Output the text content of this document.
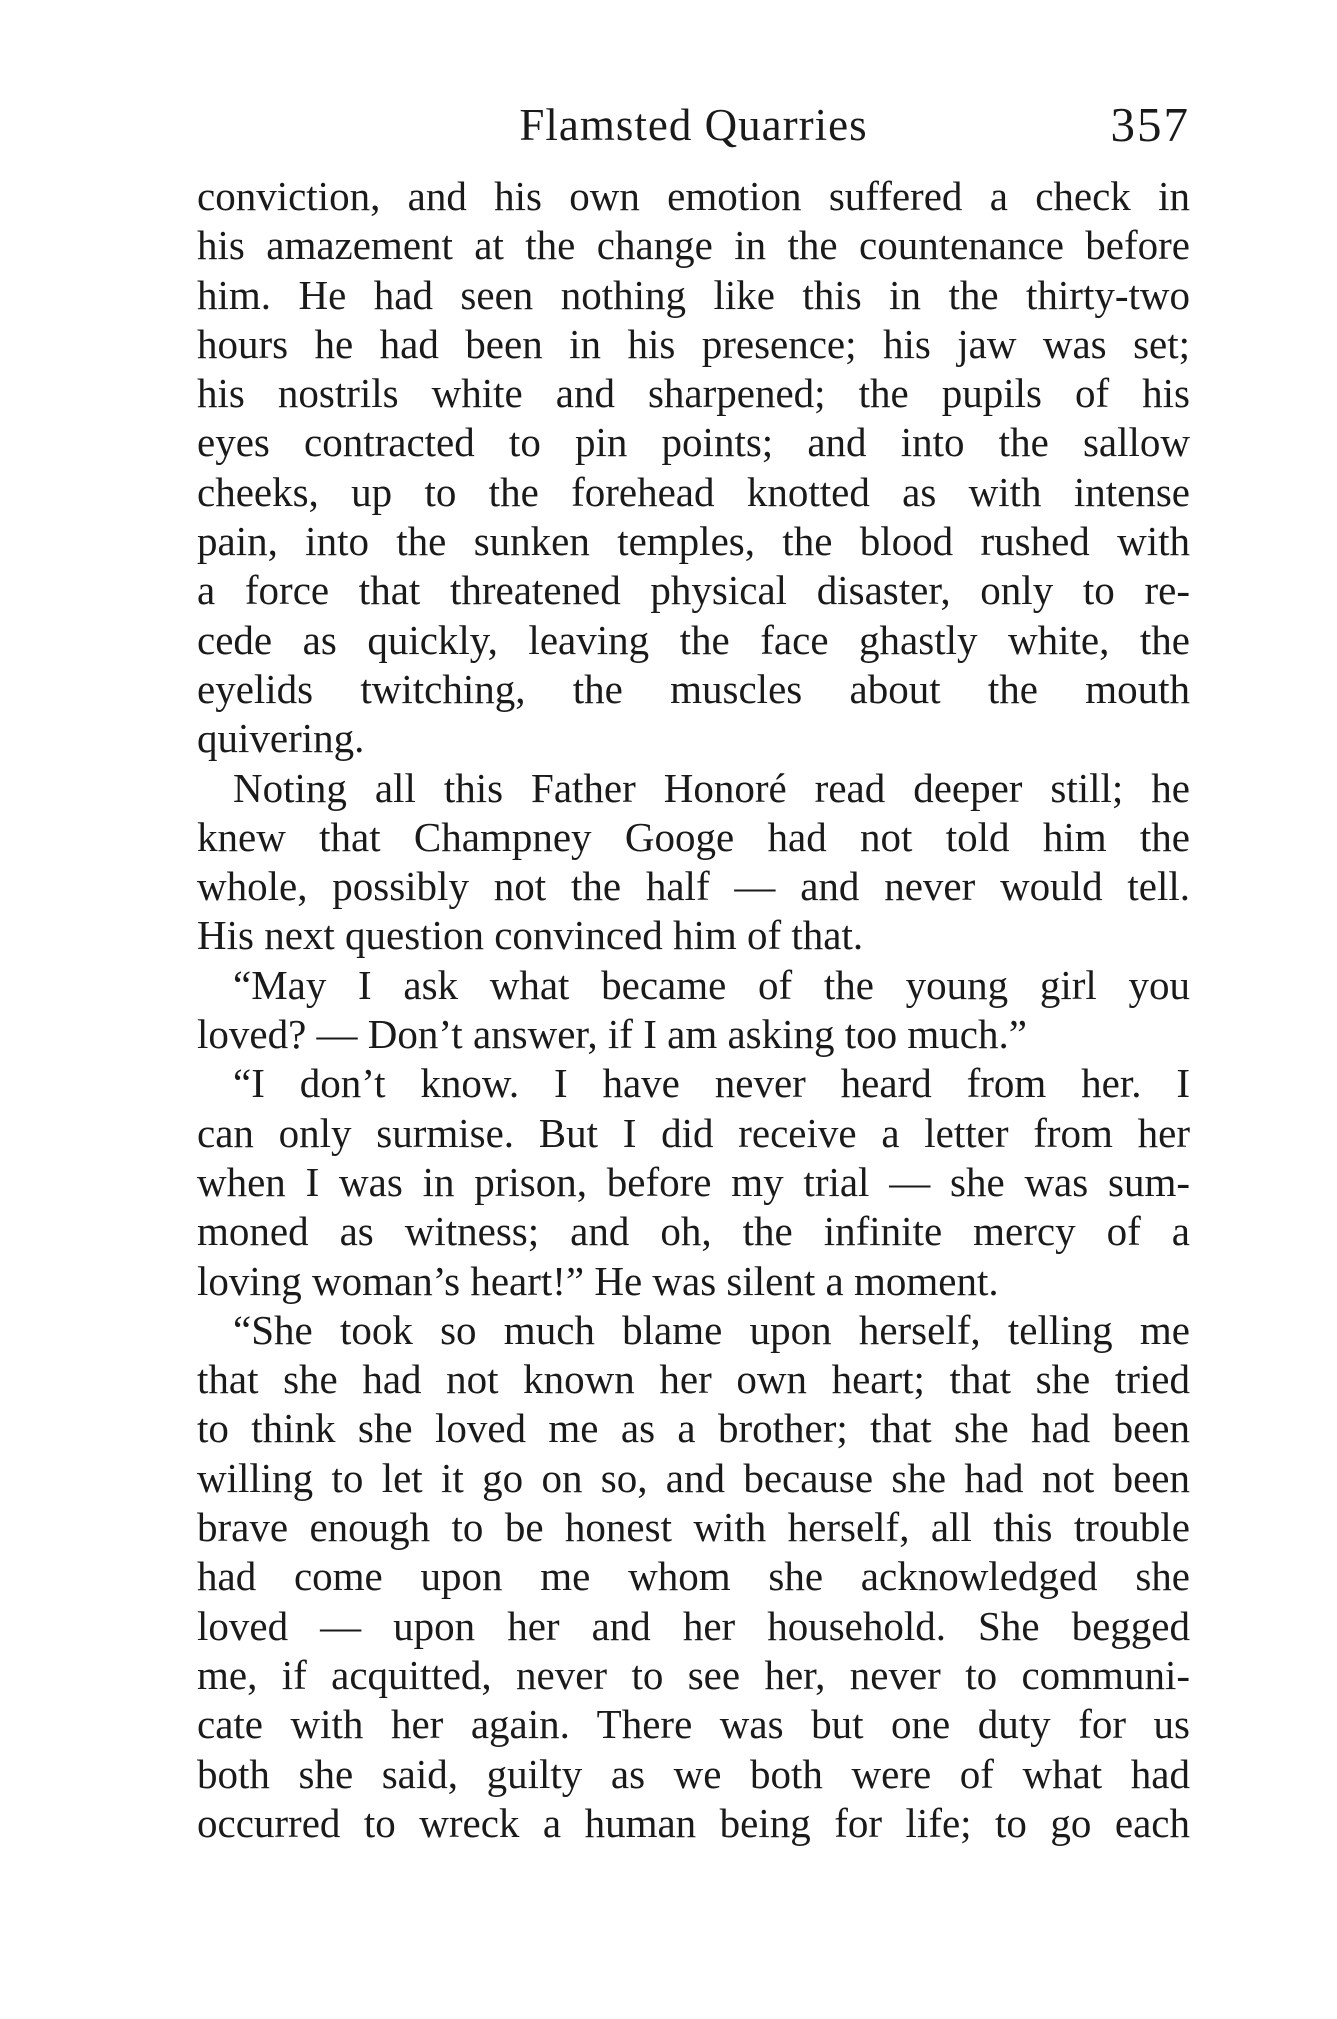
Flamsted Quarries	357
conviction, and his own emotion suffered a check in
his amazement at the change in the countenance before
him. He had seen nothing like this in the thirty-two
hours he had been in his presence; his jaw was set;
his nostrils white and sharpened; the pupils of his
eyes contracted to pin points; and into the sallow
cheeks, up to the forehead knotted as with intense
pain, into the sunken temples, the blood rushed with
a force that threatened physical disaster, only to re-
cede as quickly, leaving the face ghastly white, the
eyelids twitching, the muscles about the mouth
quivering.
Noting all this Father Honoré read deeper still; he
knew that Champney Googe had not told him the
whole, possibly not the half — and never would tell.
His next question convinced him of that.
“May I ask what became of the young girl you
loved? — Don’t answer, if I am asking too much.”
“I don’t know. I have never heard from her. I
can only surmise. But I did receive a letter from her
when I was in prison, before my trial — she was sum-
moned as witness; and oh, the infinite mercy of a
loving woman’s heart!” He was silent a moment.
“She took so much blame upon herself, telling me
that she had not known her own heart; that she tried
to think she loved me as a brother; that she had been
willing to let it go on so, and because she had not been
brave enough to be honest with herself, all this trouble
had come upon me whom she acknowledged she
loved — upon her and her household. She begged
me, if acquitted, never to see her, never to communi-
cate with her again. There was but one duty for us
both she said, guilty as we both were of what had
occurred to wreck a human being for life; to go each
